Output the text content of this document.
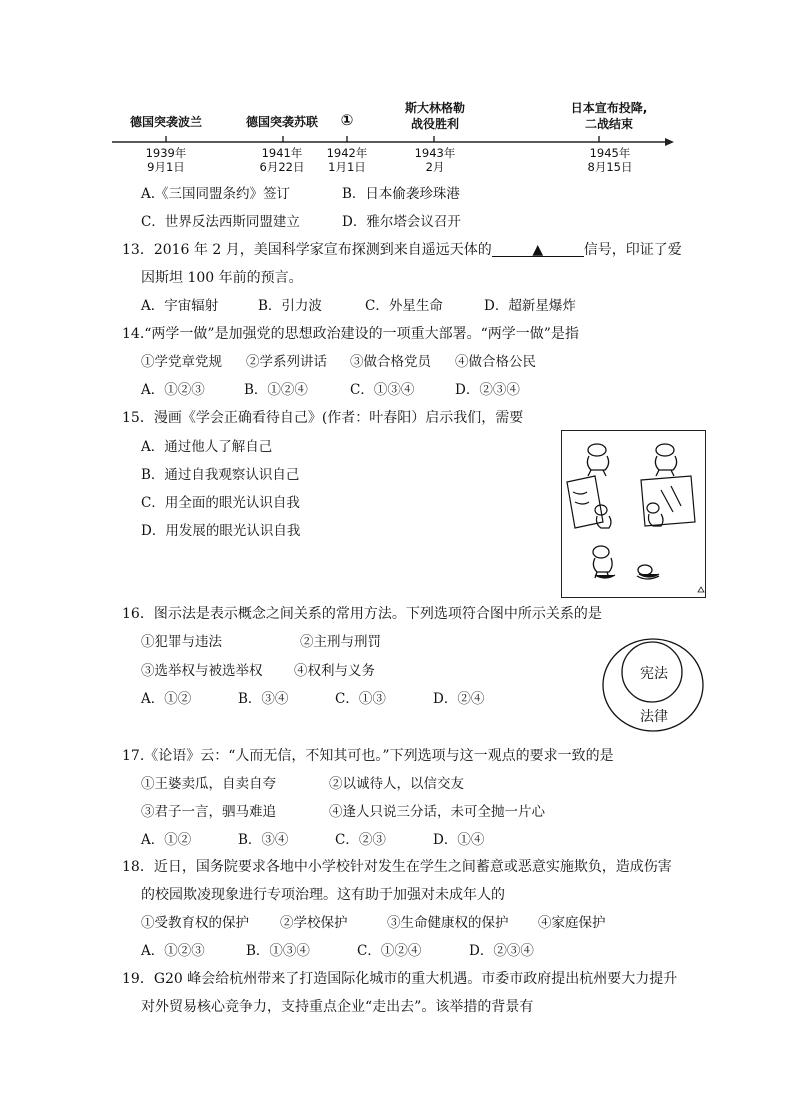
德国突袭波兰	德国突袭苏联	①
斯大林格勒
战役胜利
日本宣布投降,
二战结束
1939年
9月1日
1941年
6月22日
1942年
1月1日
1943年
2月
1945年
8月15日
A.《三国同盟条约》签订	B．日本偷袭珍珠港
C．世界反法西斯同盟建立	D．雅尔塔会议召开
13．2016 年 2 月，美国科学家宣布探测到来自遥远天体的	▲	信号，印证了爱
因斯坦 100 年前的预言。
A．宇宙辐射	B．引力波	C．外星生命	D．超新星爆炸
14.“两学一做”是加强党的思想政治建设的一项重大部署。“两学一做”是指
①学党章党规 ②学系列讲话 ③做合格党员 ④做合格公民
A．①②③	B．①②④	C．①③④	D．②③④
15．漫画《学会正确看待自己》(作者：叶春阳）启示我们，需要
A．通过他人了解自己
B．通过自我观察认识自己
C．用全面的眼光认识自我
D．用发展的眼光认识自我
16．图示法是表示概念之间关系的常用方法。下列选项符合图中所示关系的是
①犯罪与违法	②主刑与刑罚
③选举权与被选举权 ④权利与义务
A．①②	B．③④	C．①③	D．②④
宪法
法律
17.《论语》云：“人而无信，不知其可也。”下列选项与这一观点的要求一致的是
①王婆卖瓜，自卖自夸	②以诚待人，以信交友
③君子一言，驷马难追	④逢人只说三分话，未可全抛一片心
A．①②	B．③④	C．②③	D．①④
18．近日，国务院要求各地中小学校针对发生在学生之间蓄意或恶意实施欺负，造成伤害
的校园欺凌现象进行专项治理。这有助于加强对未成年人的
①受教育权的保护 ②学校保护	③生命健康权的保护 ④家庭保护
A．①②③	B．①③④	C．①②④	D．②③④
19．G20 峰会给杭州带来了打造国际化城市的重大机遇。市委市政府提出杭州要大力提升
对外贸易核心竞争力，支持重点企业“走出去”。该举措的背景有
